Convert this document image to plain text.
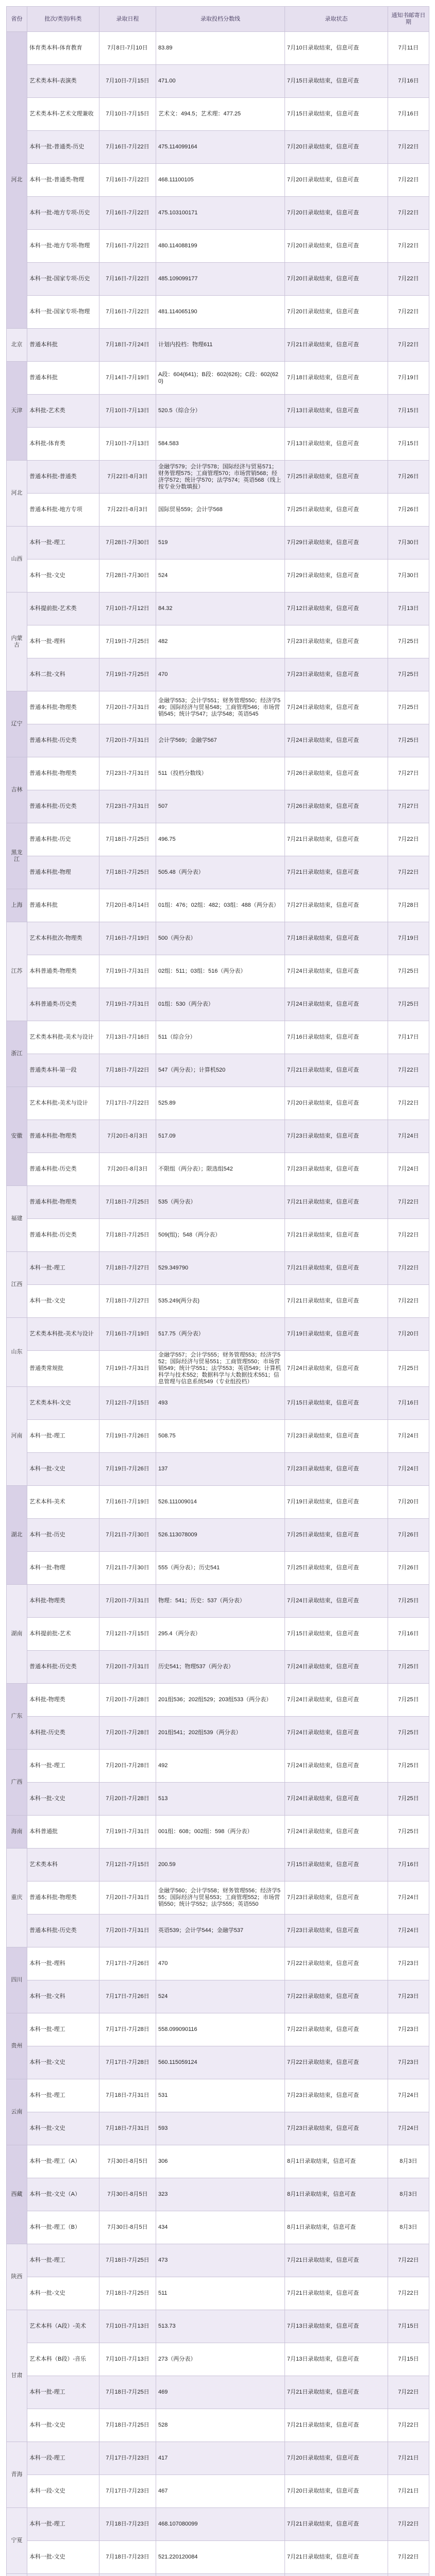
省份	批次/类别/科类	录取日程	录取投档分数线	录取状态	通知书邮寄日期
河北	体育类本科-体育教育	7月8日-7月10日	83.89	7月10日录取结束，信息可查	7月11日
	艺术类本科-表演类	7月10日-7月15日	471.00	7月15日录取结束，信息可查	7月16日
	艺术类本科-艺术文理兼收	7月10日-7月15日	艺术文：494.5；艺术理：477.25	7月15日录取结束，信息可查	7月16日
	本科一批-普通类-历史	7月16日-7月22日	475.114099164	7月20日录取结束，信息可查	7月22日
	本科一批-普通类-物理	7月16日-7月22日	468.11100105	7月20日录取结束，信息可查	7月22日
	本科一批-地方专项-历史	7月16日-7月22日	475.103100171	7月20日录取结束，信息可查	7月22日
	本科一批-地方专项-物理	7月16日-7月22日	480.114088199	7月20日录取结束，信息可查	7月22日
	本科一批-国家专项-历史	7月16日-7月22日	485.109099177	7月20日录取结束，信息可查	7月22日
	本科一批-国家专项-物理	7月16日-7月22日	481.114065190	7月20日录取结束，信息可查	7月22日
北京	普通本科批	7月18日-7月24日	计划内投档：物理611	7月21日录取结束，信息可查	7月22日
天津	普通本科批	7月14日-7月19日	A段：604(641)；B段：602(626)；C段：602(620)	7月18日录取结束，信息可查	7月19日
	本科批-艺术类	7月10日-7月13日	520.5（综合分）	7月13日录取结束，信息可查	7月15日
	本科批-体育类	7月10日-7月13日	584.583	7月13日录取结束，信息可查	7月15日
河北	普通本科批-普通类	7月22日-8月3日	金融学579；会计学578；国际经济与贸易571；财务管理575；工商管理570；市场营销568；经济学572；统计学570；法学574；英语568（线上按专业分数填报）	7月25日录取结束，信息可查	7月26日
	普通本科批-地方专项	7月22日-8月3日	国际贸易559；会计学568	7月25日录取结束，信息可查	7月26日
山西	本科一批-理工	7月28日-7月30日	519	7月29日录取结束，信息可查	7月30日
	本科一批-文史	7月28日-7月30日	524	7月29日录取结束，信息可查	7月30日
内蒙古	本科提前批-艺术类	7月10日-7月12日	84.32	7月12日录取结束，信息可查	7月13日
	本科一批-理科	7月19日-7月25日	482	7月23日录取结束，信息可查	7月25日
	本科二批-文科	7月19日-7月25日	470	7月23日录取结束，信息可查	7月25日
辽宁	普通本科批-物理类	7月20日-7月31日	金融学553；会计学551；财务管理550；经济学549；国际经济与贸易548；工商管理546；市场营销545；统计学547；法学548；英语545	7月24日录取结束，信息可查	7月25日
	普通本科批-历史类	7月20日-7月31日	会计学569；金融学567	7月24日录取结束，信息可查	7月25日
吉林	普通本科批-物理类	7月23日-7月31日	511（投档分数线）	7月26日录取结束，信息可查	7月27日
	普通本科批-历史类	7月23日-7月31日	507	7月26日录取结束，信息可查	7月27日
黑龙江	普通本科批-历史	7月18日-7月25日	496.75	7月21日录取结束，信息可查	7月22日
	普通本科批-物理	7月18日-7月25日	505.48（两分表）	7月21日录取结束，信息可查	7月22日
上海	普通本科批	7月20日-8月14日	01组：476；02组：482；03组：488（两分表）	7月27日录取结束，信息可查	7月28日
江苏	艺术本科批次-物理类	7月16日-7月19日	500（两分表）	7月18日录取结束，信息可查	7月19日
	本科普通类-物理类	7月19日-7月31日	02组：511；03组：516（两分表）	7月24日录取结束，信息可查	7月25日
	本科普通类-历史类	7月19日-7月31日	01组：530（两分表）	7月24日录取结束，信息可查	7月25日
浙江	艺术类本科批-美术与设计	7月13日-7月16日	511（综合分）	7月16日录取结束，信息可查	7月17日
	普通类本科-第一段	7月18日-7月22日	547（两分表）；计算机520	7月21日录取结束，信息可查	7月22日
安徽	艺术本科批-美术与设计	7月17日-7月22日	525.89	7月20日录取结束，信息可查	7月22日
	普通本科批-物理类	7月20日-8月3日	517.09	7月23日录取结束，信息可查	7月24日
	普通本科批-历史类	7月20日-8月3日	不限组（两分表）；限选组542	7月23日录取结束，信息可查	7月24日
福建	普通本科批-物理类	7月18日-7月25日	535（两分表）	7月21日录取结束，信息可查	7月22日
	普通本科批-历史类	7月18日-7月25日	509(组)；548（两分表）	7月21日录取结束，信息可查	7月22日
江西	本科一批-理工	7月18日-7月27日	529.349790	7月21日录取结束，信息可查	7月22日
	本科一批-文史	7月18日-7月27日	535.249(两分表)	7月21日录取结束，信息可查	7月22日
山东	艺术类本科批-美术与设计	7月16日-7月19日	517.75（两分表）	7月19日录取结束，信息可查	7月20日
	普通类常规批	7月19日-7月31日	金融学557；会计学555；财务管理553；经济学552；国际经济与贸易551；工商管理550；市场营销549；统计学551；法学553；英语549；计算机科学与技术552；数据科学与大数据技术551；信息管理与信息系统549（专业组投档）	7月24日录取结束，信息可查	7月25日
河南	艺术类本科-文史	7月12日-7月15日	493	7月15日录取结束，信息可查	7月16日
	本科一批-理工	7月19日-7月26日	508.75	7月23日录取结束，信息可查	7月24日
	本科一批-文史	7月19日-7月26日	137	7月23日录取结束，信息可查	7月24日
湖北	艺术本科-美术	7月16日-7月19日	526.111009014	7月19日录取结束，信息可查	7月20日
	本科一批-历史	7月21日-7月30日	526.113078009	7月25日录取结束，信息可查	7月26日
	本科一批-物理	7月21日-7月30日	555（两分表）；历史541	7月25日录取结束，信息可查	7月26日
湖南	本科批-物理类	7月20日-7月31日	物理：541；历史：537（两分表）	7月24日录取结束，信息可查	7月25日
	本科提前批-艺术	7月12日-7月15日	295.4（两分表）	7月15日录取结束，信息可查	7月16日
	普通本科批-历史类	7月20日-7月31日	历史541；物理537（两分表）	7月24日录取结束，信息可查	7月25日
广东	本科批-物理类	7月20日-7月28日	201组536；202组529；203组533（两分表）	7月24日录取结束，信息可查	7月25日
	本科批-历史类	7月20日-7月28日	201组541；202组539（两分表）	7月24日录取结束，信息可查	7月25日
广西	本科一批-理工	7月20日-7月28日	492	7月24日录取结束，信息可查	7月25日
	本科一批-文史	7月20日-7月28日	513	7月24日录取结束，信息可查	7月25日
海南	本科普通批	7月19日-7月31日	001组：608；002组：598（两分表）	7月24日录取结束，信息可查	7月25日
重庆	艺术类本科	7月12日-7月15日	200.59	7月15日录取结束，信息可查	7月16日
	普通本科批-物理类	7月20日-7月31日	金融学560；会计学558；财务管理556；经济学555；国际经济与贸易553；工商管理552；市场营销550；统计学552；法学555；英语550	7月23日录取结束，信息可查	7月24日
	普通本科批-历史类	7月20日-7月31日	英语539；会计学544；金融学537	7月23日录取结束，信息可查	7月24日
四川	本科一批-理科	7月17日-7月26日	470	7月22日录取结束，信息可查	7月23日
	本科一批-文科	7月17日-7月26日	524	7月22日录取结束，信息可查	7月23日
贵州	本科一批-理工	7月17日-7月28日	558.099090116	7月22日录取结束，信息可查	7月23日
	本科一批-文史	7月17日-7月28日	560.115059124	7月22日录取结束，信息可查	7月23日
云南	本科一批-理工	7月18日-7月31日	531	7月23日录取结束，信息可查	7月24日
	本科一批-文史	7月18日-7月31日	593	7月23日录取结束，信息可查	7月24日
西藏	本科一批-理工（A）	7月30日-8月5日	306	8月1日录取结束，信息可查	8月3日
	本科一批-文史（A）	7月30日-8月5日	323	8月1日录取结束，信息可查	8月3日
	本科一批-理工（B）	7月30日-8月5日	434	8月1日录取结束，信息可查	8月3日
陕西	本科一批-理工	7月18日-7月25日	473	7月21日录取结束，信息可查	7月22日
	本科一批-文史	7月18日-7月25日	511	7月21日录取结束，信息可查	7月22日
甘肃	艺术本科（A段）-美术	7月10日-7月13日	513.73	7月13日录取结束，信息可查	7月15日
	艺术本科（B段）-音乐	7月10日-7月13日	273（两分表）	7月13日录取结束，信息可查	7月15日
	本科一批-理工	7月18日-7月25日	469	7月21日录取结束，信息可查	7月22日
	本科一批-文史	7月18日-7月25日	528	7月21日录取结束，信息可查	7月22日
青海	本科一段-理工	7月17日-7月23日	417	7月20日录取结束，信息可查	7月21日
	本科一段-文史	7月17日-7月23日	467	7月20日录取结束，信息可查	7月21日
宁夏	本科一批-理工	7月18日-7月23日	468.107080099	7月21日录取结束，信息可查	7月22日
	本科一批-文史	7月18日-7月23日	521.220120084	7月21日录取结束，信息可查	7月22日
